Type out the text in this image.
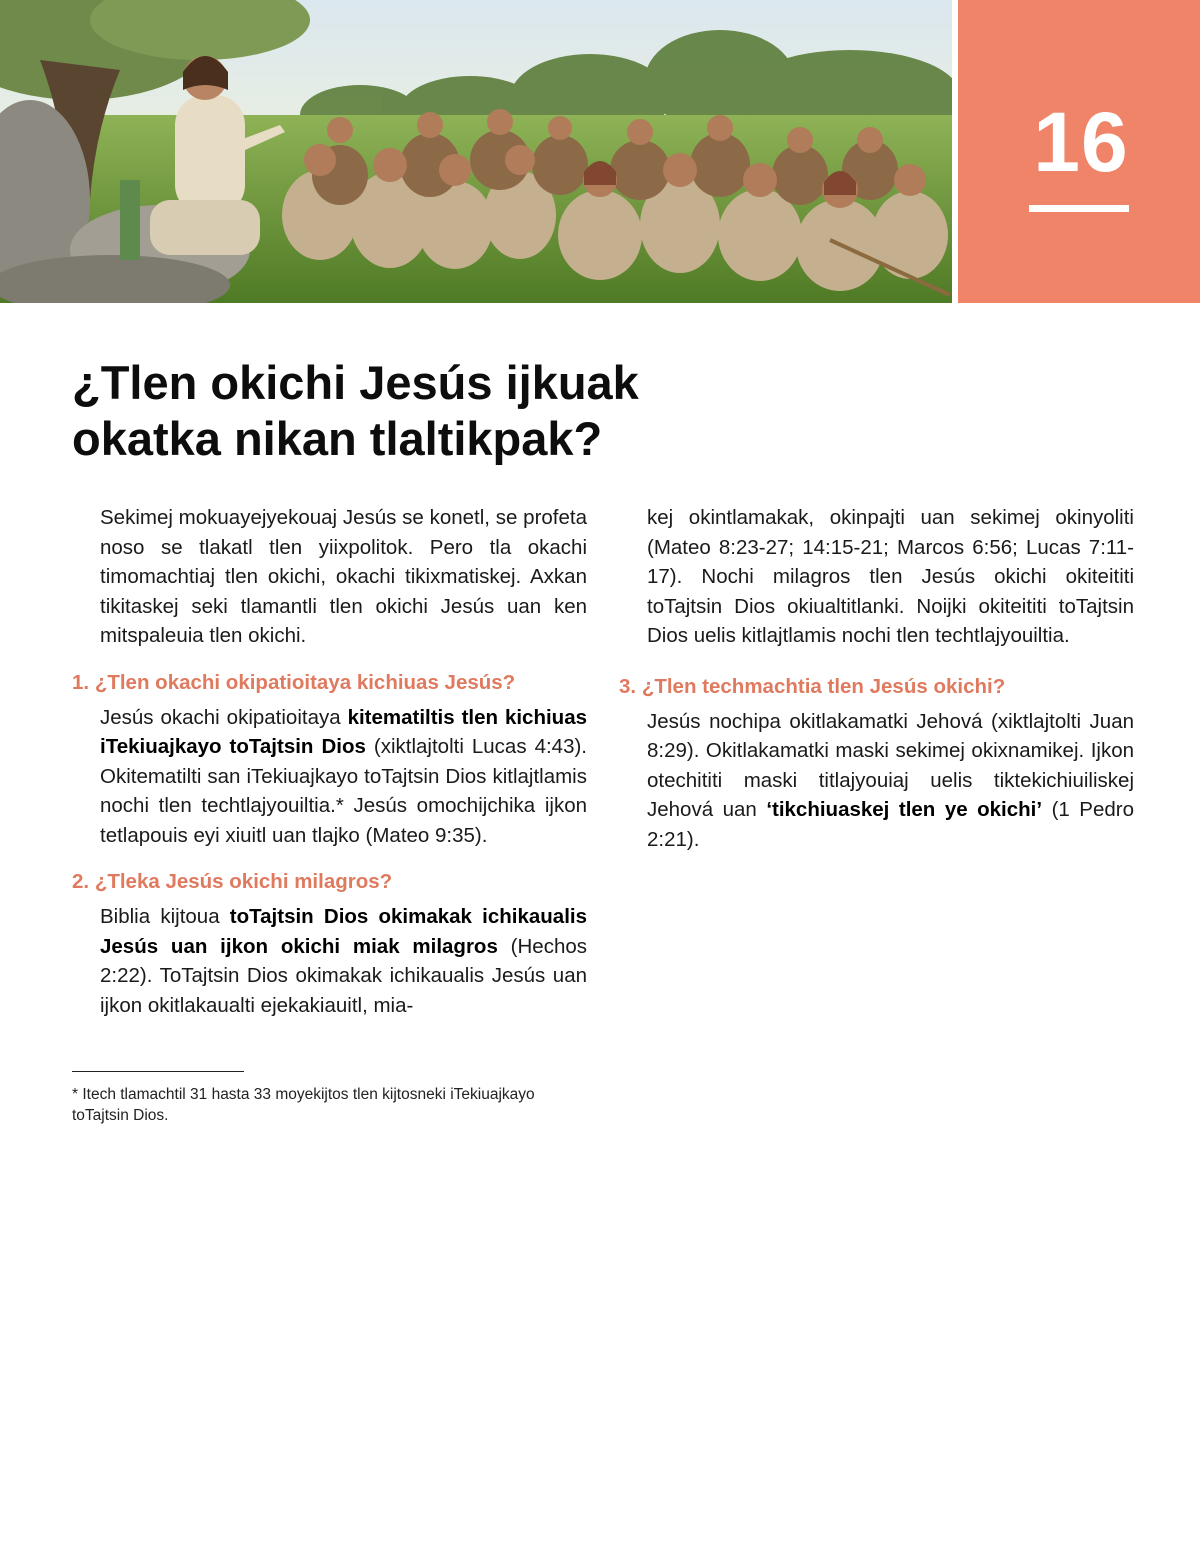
16
¿Tlen okichi Jesús ijkuak
okatka nikan tlaltikpak?

Sekimej mokuayejyekouaj Jesús se konetl, se profeta noso se tlakatl tlen yiixpolitok. Pero tla okachi timomachtiaj tlen okichi, okachi tikixmatiskej. Axkan tikitaskej seki tlamantli tlen okichi Jesús uan ken mitspaleuia tlen okichi.

1. ¿Tlen okachi okipatioitaya kichiuas Jesús?

Jesús okachi okipatioitaya kitematiltis tlen kichiuas iTekiuajkayo toTajtsin Dios (xiktlajtolti Lucas 4:43). Okitematilti san iTekiuajkayo toTajtsin Dios kitlajtlamis nochi tlen techtlajyouiltia.* Jesús omochijchika ijkon tetlapouis eyi xiuitl uan tlajko (Mateo 9:35).

2. ¿Tleka Jesús okichi milagros?

Biblia kijtoua toTajtsin Dios okimakak ichikaualis Jesús uan ijkon okichi miak milagros (Hechos 2:22). ToTajtsin Dios okimakak ichikaualis Jesús uan ijkon okitlakaualti ejekakiauitl, mia-

* Itech tlamachtil 31 hasta 33 moyekijtos tlen kijtosneki iTekiuajkayo toTajtsin Dios.

kej okintlamakak, okinpajti uan sekimej okinyoliti (Mateo 8:23-27; 14:15-21; Marcos 6:56; Lucas 7:11-17). Nochi milagros tlen Jesús okichi okiteititi toTajtsin Dios okiualtitlanki. Noijki okiteititi toTajtsin Dios uelis kitlajtlamis nochi tlen techtlajyouiltia.

3. ¿Tlen techmachtia tlen Jesús okichi?

Jesús nochipa okitlakamatki Jehová (xiktlajtolti Juan 8:29). Okitlakamatki maski sekimej okixnamikej. Ijkon otechititi maski titlajyouiaj uelis tiktekichiuiliskej Jehová uan ‘tikchiuaskej tlen ye okichi’ (1 Pedro 2:21).
